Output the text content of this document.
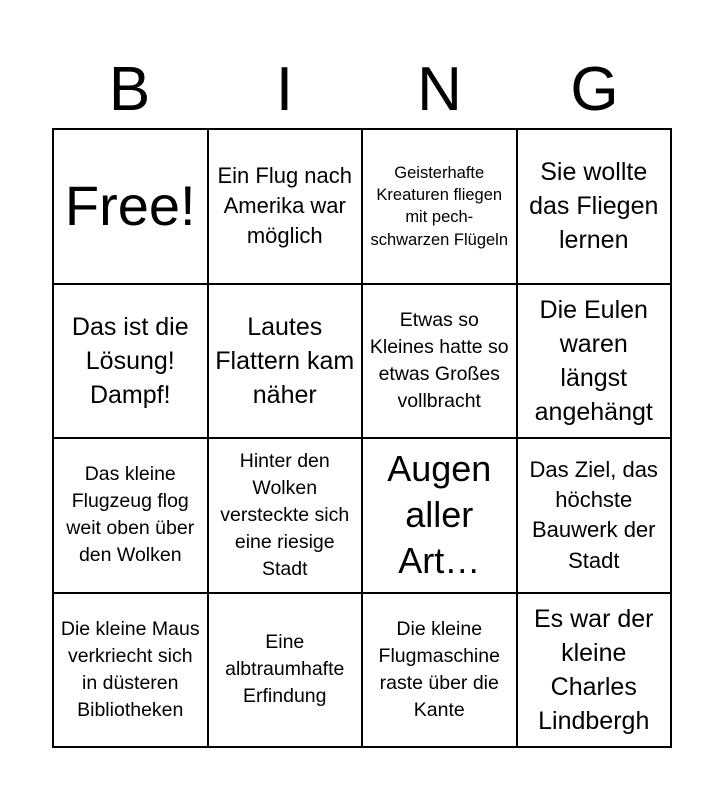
B	I	N	G
Free! Ein Flug nach Amerika war möglich
Geisterhafte Kreaturen fliegen mit pech-schwarzen Flügeln
Sie wollte das Fliegen lernen
Das ist die Lösung! Dampf!
Lautes Flattern kam näher
Etwas so Kleines hatte so etwas Großes vollbracht
Die Eulen waren längst angehängt
Das kleine Flugzeug flog weit oben über den Wolken
Hinter den Wolken versteckte sich eine riesige Stadt
Augen aller Art…
Das Ziel, das höchste Bauwerk der Stadt
Die kleine Maus verkriecht sich in düsteren Bibliotheken
Eine albtraumhafte Erfindung
Die kleine Flugmaschine raste über die Kante
Es war der kleine Charles Lindbergh
